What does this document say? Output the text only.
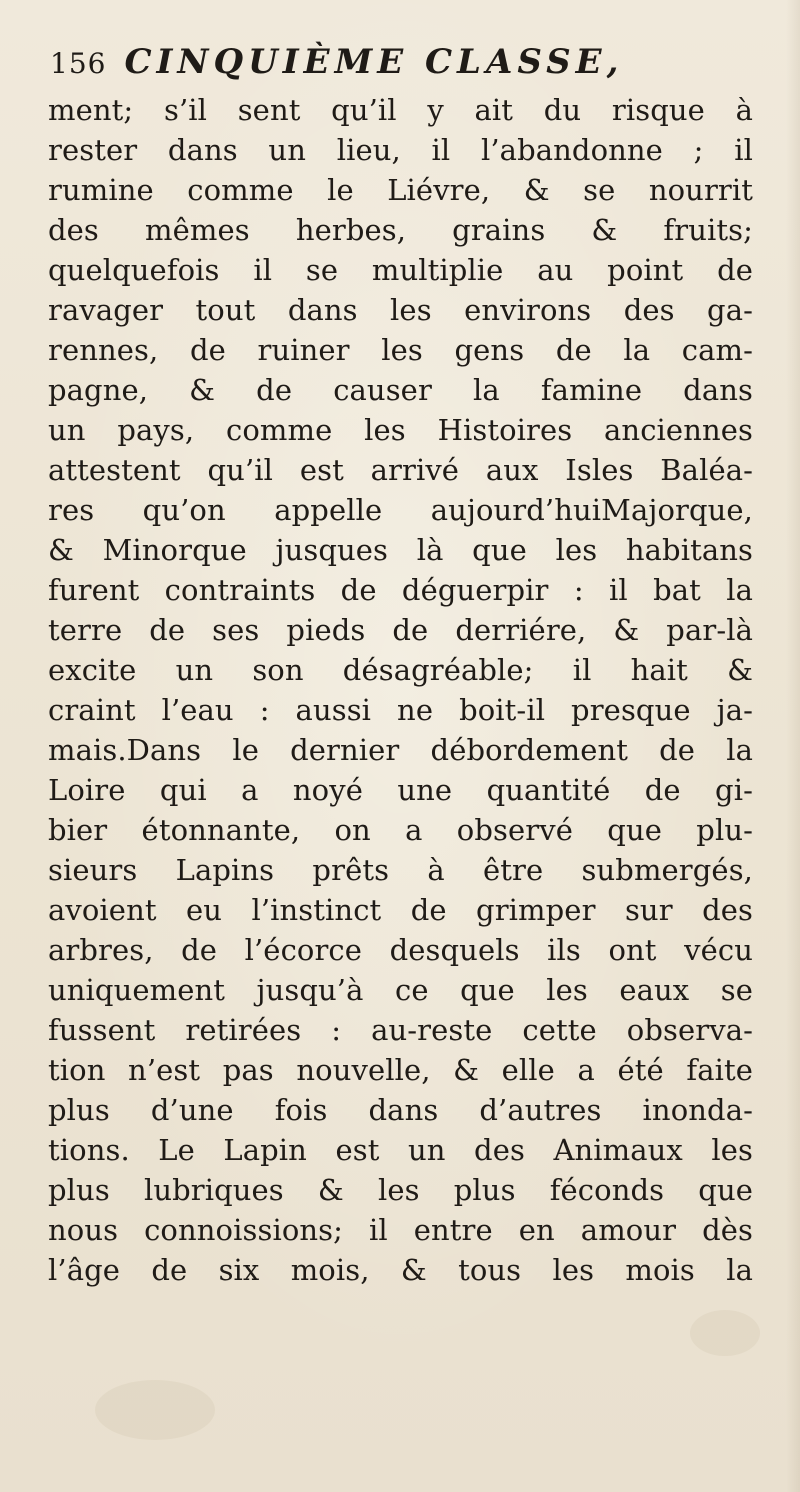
156 CINQUIÈME CLASSE,
ment; s’il sent qu’il y ait du risque à
rester dans un lieu, il l’abandonne ; il
rumine comme le Liévre, & se nourrit
des mêmes herbes, grains & fruits;
quelquefois il se multiplie au point de
ravager tout dans les environs des ga-
rennes, de ruiner les gens de la cam-
pagne, & de causer la famine dans
un pays, comme les Histoires anciennes
attestent qu’il est arrivé aux Isles Baléa-
res qu’on appelle aujourd’huiMajorque,
& Minorque jusques là que les habitans
furent contraints de déguerpir : il bat la
terre de ses pieds de derriére, & par-là
excite un son désagréable; il hait &
craint l’eau : aussi ne boit-il presque ja-
mais.Dans le dernier débordement de la
Loire qui a noyé une quantité de gi-
bier étonnante, on a observé que plu-
sieurs Lapins prêts à être submergés,
avoient eu l’instinct de grimper sur des
arbres, de l’écorce desquels ils ont vécu
uniquement jusqu’à ce que les eaux se
fussent retirées : au-reste cette observa-
tion n’est pas nouvelle, & elle a été faite
plus d’une fois dans d’autres inonda-
tions. Le Lapin est un des Animaux les
plus lubriques & les plus féconds que
nous connoissions; il entre en amour dès
l’âge de six mois, & tous les mois la
